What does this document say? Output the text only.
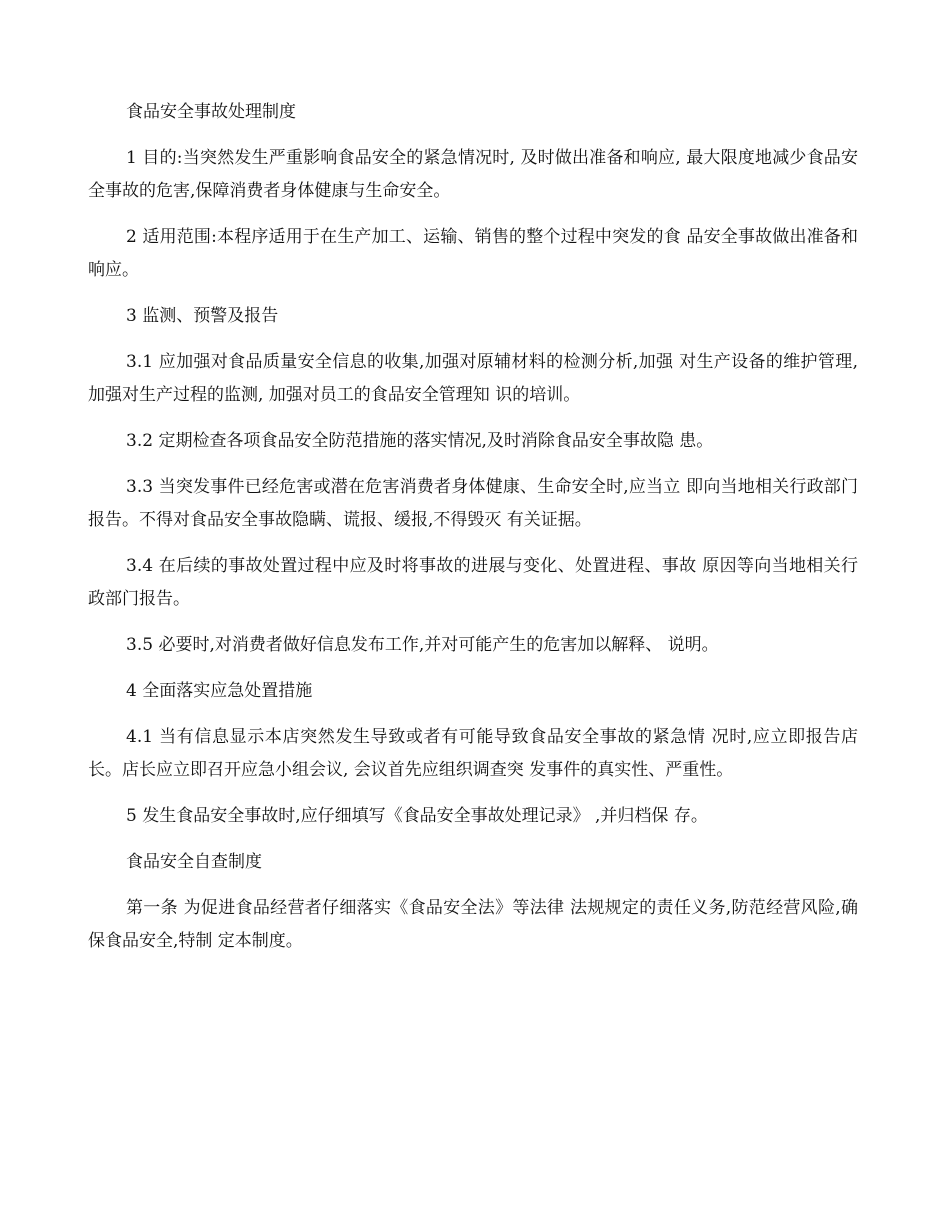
食品安全事故处理制度

1 目的:当突然发生严重影响食品安全的紧急情况时, 及时做出准备和响应, 最大限度地减少食品安全事故的危害,保障消费者身体健康与生命安全。

2 适用范围:本程序适用于在生产加工、运输、销售的整个过程中突发的食 品安全事故做出准备和响应。

3 监测、预警及报告

3.1 应加强对食品质量安全信息的收集,加强对原辅材料的检测分析,加强 对生产设备的维护管理, 加强对生产过程的监测, 加强对员工的食品安全管理知 识的培训。

3.2 定期检查各项食品安全防范措施的落实情况,及时消除食品安全事故隐 患。

3.3 当突发事件已经危害或潜在危害消费者身体健康、生命安全时,应当立 即向当地相关行政部门报告。不得对食品安全事故隐瞒、谎报、缓报,不得毁灭 有关证据。

3.4 在后续的事故处置过程中应及时将事故的进展与变化、处置进程、事故 原因等向当地相关行政部门报告。

3.5 必要时,对消费者做好信息发布工作,并对可能产生的危害加以解释、 说明。

4 全面落实应急处置措施

4.1 当有信息显示本店突然发生导致或者有可能导致食品安全事故的紧急情 况时,应立即报告店长。店长应立即召开应急小组会议, 会议首先应组织调查突 发事件的真实性、严重性。

5 发生食品安全事故时,应仔细填写《食品安全事故处理记录》 ,并归档保 存。

食品安全自查制度

第一条 为促进食品经营者仔细落实《食品安全法》等法律 法规规定的责任义务,防范经营风险,确保食品安全,特制 定本制度。
